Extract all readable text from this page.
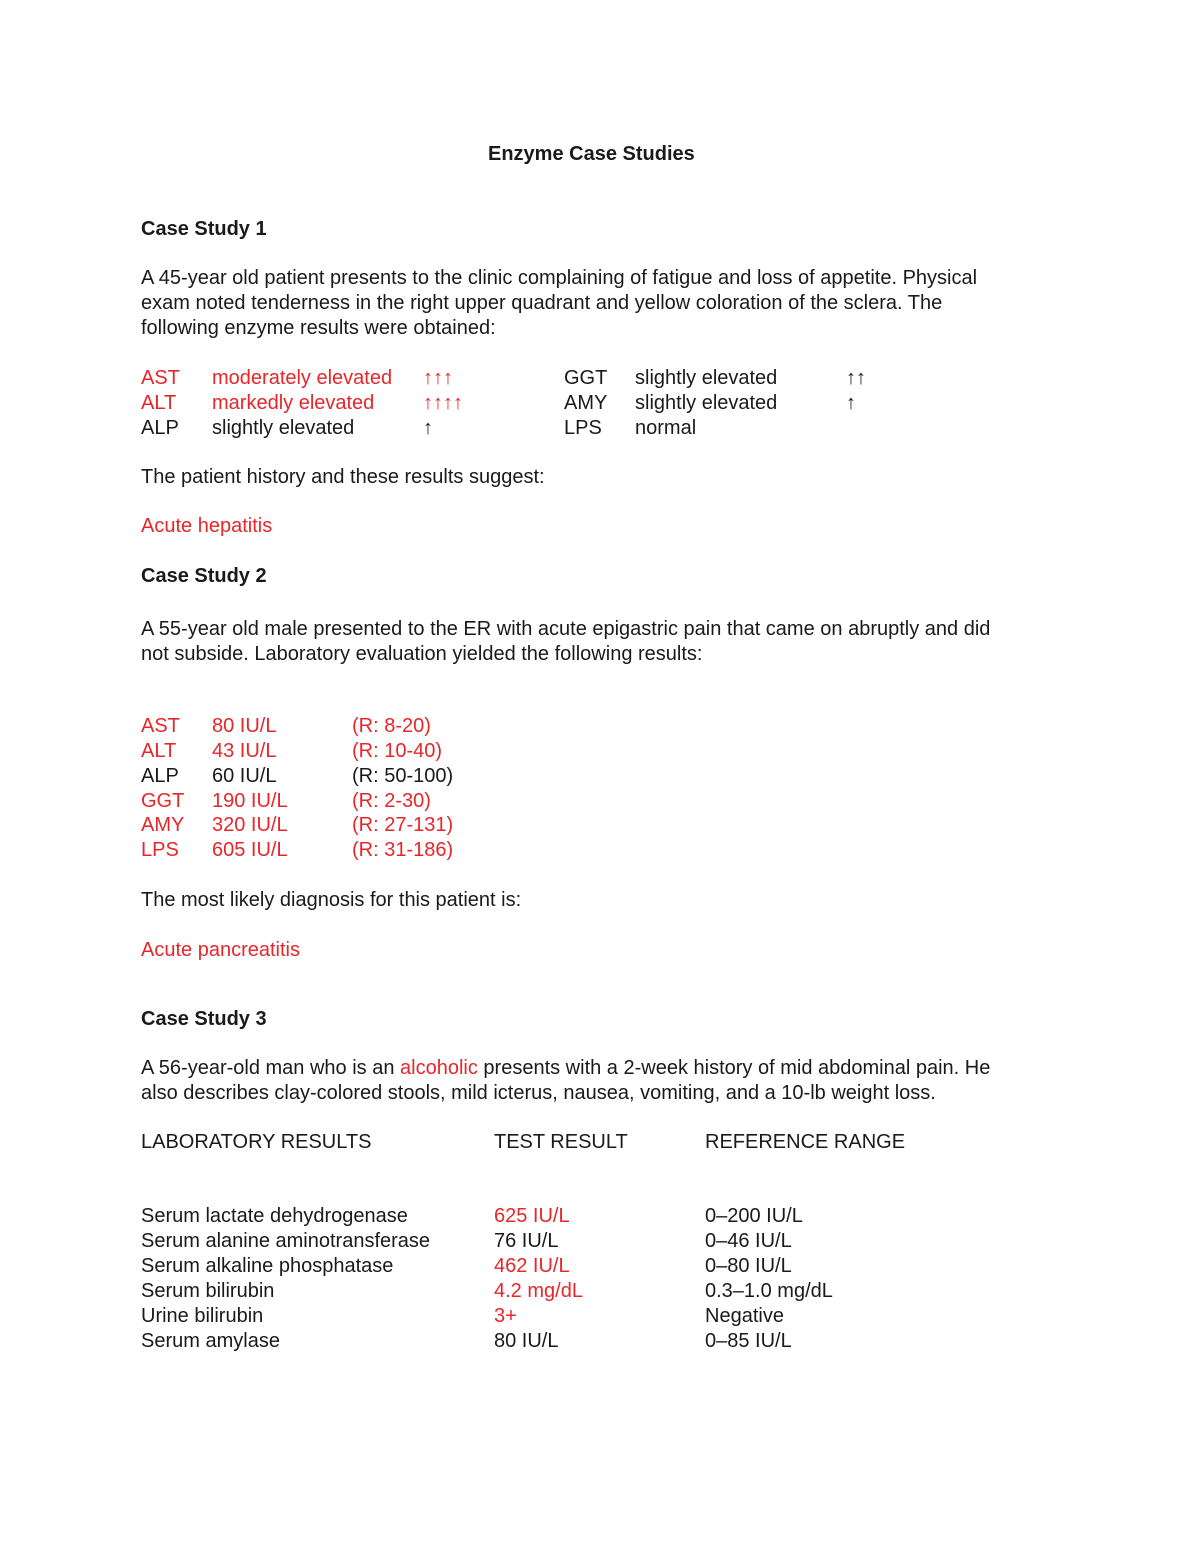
Enzyme Case Studies
Case Study 1

A 45-year old patient presents to the clinic complaining of fatigue and loss of appetite. Physical

exam noted tenderness in the right upper quadrant and yellow coloration of the sclera. The

following enzyme results were obtained:

AST moderately elevated ↑↑↑	GGT slightly elevated	↑↑
ALT markedly elevated ↑↑↑↑	AMY slightly elevated	↑
ALP slightly elevated	↑	LPS normal
The patient history and these results suggest:
Acute hepatitis
Case Study 2

A 55-year old male presented to the ER with acute epigastric pain that came on abruptly and did

not subside. Laboratory evaluation yielded the following results:

AST 80 IU/L	(R: 8-20)
ALT 43 IU/L	(R: 10-40)
ALP 60 IU/L	(R: 50-100)
GGT 190 IU/L	(R: 2-30)
AMY 320 IU/L	(R: 27-131)
LPS 605 IU/L	(R: 31-186)
The most likely diagnosis for this patient is:
Acute pancreatitis
Case Study 3

A 56-year-old man who is an alcoholic presents with a 2-week history of mid abdominal pain. He

also describes clay-colored stools, mild icterus, nausea, vomiting, and a 10-lb weight loss.

LABORATORY RESULTS	TEST RESULT	REFERENCE RANGE
Serum lactate dehydrogenase	625 IU/L	0–200 IU/L
Serum alanine aminotransferase	76 IU/L	0–46 IU/L
Serum alkaline phosphatase	462 IU/L	0–80 IU/L
Serum bilirubin	4.2 mg/dL	0.3–1.0 mg/dL
Urine bilirubin	3+	Negative
Serum amylase	80 IU/L	0–85 IU/L
